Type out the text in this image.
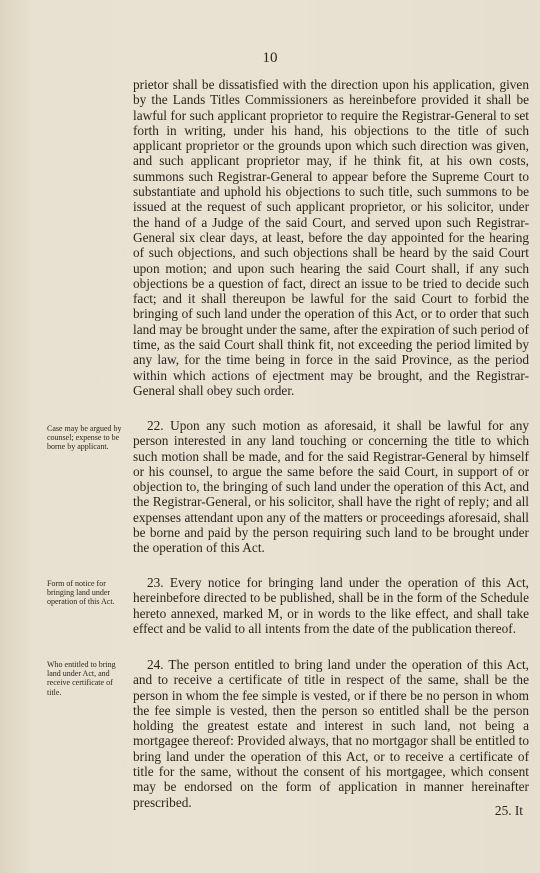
10

prietor shall be dissatisfied with the direction upon his application, given by the Lands Titles Commissioners as hereinbefore provided it shall be lawful for such applicant proprietor to require the Registrar-General to set forth in writing, under his hand, his objections to the title of such applicant proprietor or the grounds upon which such direction was given, and such applicant proprietor may, if he think fit, at his own costs, summons such Registrar-General to appear before the Supreme Court to substantiate and uphold his objections to such title, such summons to be issued at the request of such applicant proprietor, or his solicitor, under the hand of a Judge of the said Court, and served upon such Registrar-General six clear days, at least, before the day appointed for the hearing of such objections, and such objections shall be heard by the said Court upon motion; and upon such hearing the said Court shall, if any such objections be a question of fact, direct an issue to be tried to decide such fact; and it shall thereupon be lawful for the said Court to forbid the bringing of such land under the operation of this Act, or to order that such land may be brought under the same, after the expiration of such period of time, as the said Court shall think fit, not exceeding the period limited by any law, for the time being in force in the said Province, as the period within which actions of ejectment may be brought, and the Registrar-General shall obey such order.

Case may be argued by counsel; expense to be borne by applicant.

22. Upon any such motion as aforesaid, it shall be lawful for any person interested in any land touching or concerning the title to which such motion shall be made, and for the said Registrar-General by himself or his counsel, to argue the same before the said Court, in support of or objection to, the bringing of such land under the operation of this Act, and the Registrar-General, or his solicitor, shall have the right of reply; and all expenses attendant upon any of the matters or proceedings aforesaid, shall be borne and paid by the person requiring such land to be brought under the operation of this Act.

Form of notice for bringing land under operation of this Act.

23. Every notice for bringing land under the operation of this Act, hereinbefore directed to be published, shall be in the form of the Schedule hereto annexed, marked M, or in words to the like effect, and shall take effect and be valid to all intents from the date of the publication thereof.

Who entitled to bring land under Act, and receive certificate of title.

24. The person entitled to bring land under the operation of this Act, and to receive a certificate of title in respect of the same, shall be the person in whom the fee simple is vested, or if there be no person in whom the fee simple is vested, then the person so entitled shall be the person holding the greatest estate and interest in such land, not being a mortgagee thereof: Provided always, that no mortgagor shall be entitled to bring land under the operation of this Act, or to receive a certificate of title for the same, without the consent of his mortgagee, which consent may be endorsed on the form of application in manner hereinafter prescribed.

25. It
